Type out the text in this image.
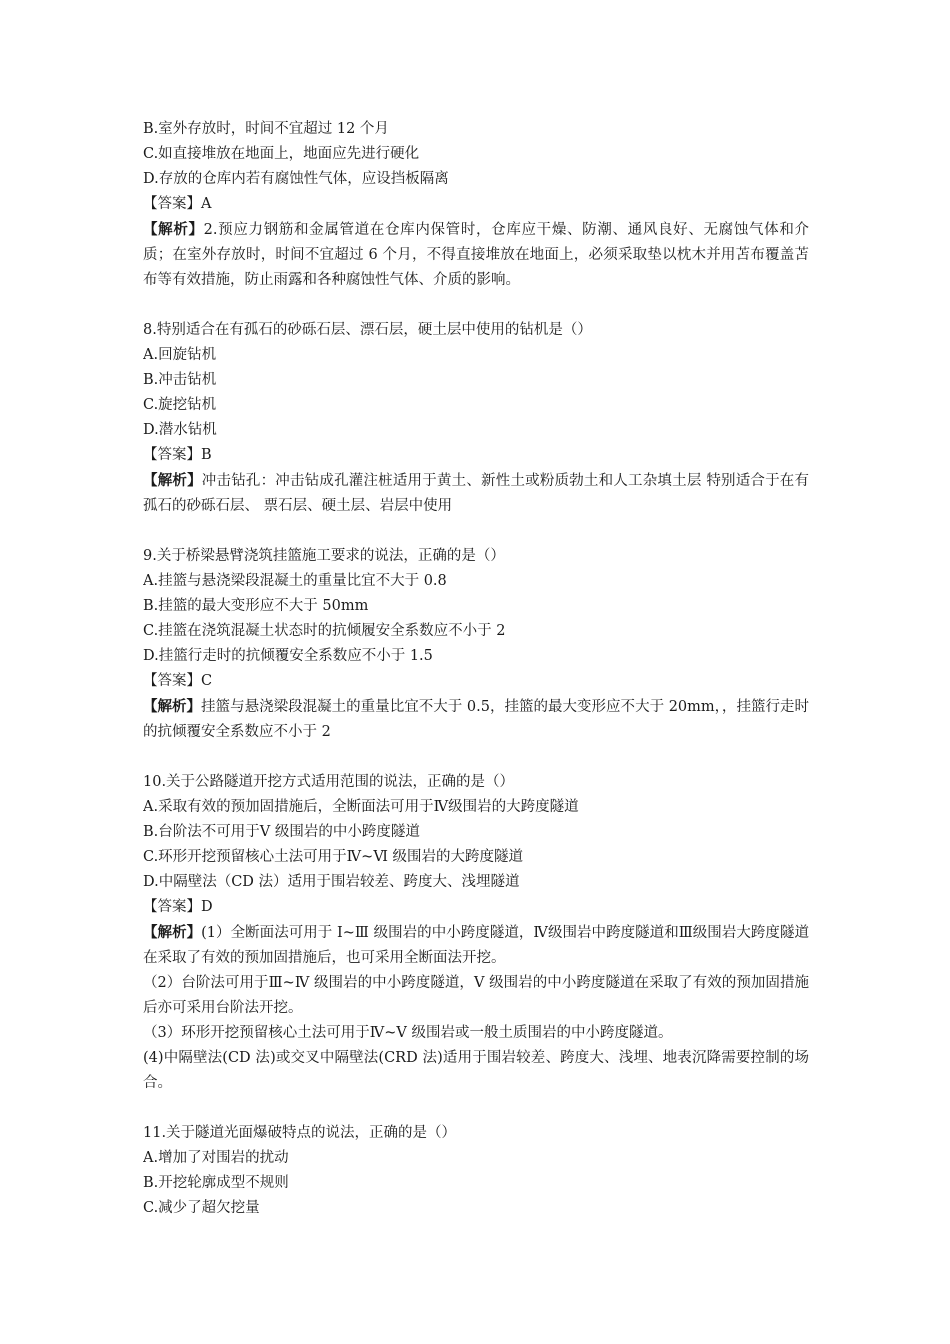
B.室外存放时，时间不宜超过 12 个月
C.如直接堆放在地面上，地面应先进行硬化
D.存放的仓库内若有腐蚀性气体，应设挡板隔离
【答案】A
【解析】2.预应力钢筋和金属管道在仓库内保管时，仓库应干燥、防潮、通风良好、无腐蚀气体和介质；在室外存放时，时间不宜超过 6 个月，不得直接堆放在地面上，必须采取垫以枕木并用苫布覆盖苫布等有效措施，防止雨露和各种腐蚀性气体、介质的影响。
8.特别适合在有孤石的砂砾石层、漂石层，硬土层中使用的钻机是（）
A.回旋钻机
B.冲击钻机
C.旋挖钻机
D.潜水钻机
【答案】B
【解析】冲击钻孔：冲击钻成孔灌注桩适用于黄土、新性土或粉质勃土和人工杂填土层 特别适合于在有孤石的砂砾石层、 票石层、硬土层、岩层中使用
9.关于桥梁悬臂浇筑挂篮施工要求的说法，正确的是（）
A.挂篮与悬浇梁段混凝土的重量比宜不大于 0.8
B.挂篮的最大变形应不大于 50mm
C.挂篮在浇筑混凝土状态时的抗倾履安全系数应不小于 2
D.挂篮行走时的抗倾覆安全系数应不小于 1.5
【答案】C
【解析】挂篮与悬浇梁段混凝土的重量比宜不大于 0.5，挂篮的最大变形应不大于 20mm，，挂篮行走时的抗倾覆安全系数应不小于 2
10.关于公路隧道开挖方式适用范围的说法，正确的是（）
A.采取有效的预加固措施后，全断面法可用于Ⅳ级围岩的大跨度隧道
B.台阶法不可用于Ⅴ 级围岩的中小跨度隧道
C.环形开挖预留核心土法可用于Ⅳ~Ⅵ 级围岩的大跨度隧道
D.中隔壁法（CD 法）适用于围岩较差、跨度大、浅埋隧道
【答案】D
【解析】(1）全断面法可用于 Ⅰ~Ⅲ 级围岩的中小跨度隧道，Ⅳ级围岩中跨度隧道和Ⅲ级围岩大跨度隧道在采取了有效的预加固措施后，也可采用全断面法开挖。
（2）台阶法可用于Ⅲ~Ⅳ 级围岩的中小跨度隧道，Ⅴ 级围岩的中小跨度隧道在采取了有效的预加固措施后亦可采用台阶法开挖。
（3）环形开挖预留核心土法可用于Ⅳ~Ⅴ 级围岩或一般土质围岩的中小跨度隧道。
(4)中隔壁法(CD 法)或交叉中隔壁法(CRD 法)适用于围岩较差、跨度大、浅埋、地表沉降需要控制的场合。
11.关于隧道光面爆破特点的说法，正确的是（）
A.增加了对围岩的扰动
B.开挖轮廓成型不规则
C.减少了超欠挖量
